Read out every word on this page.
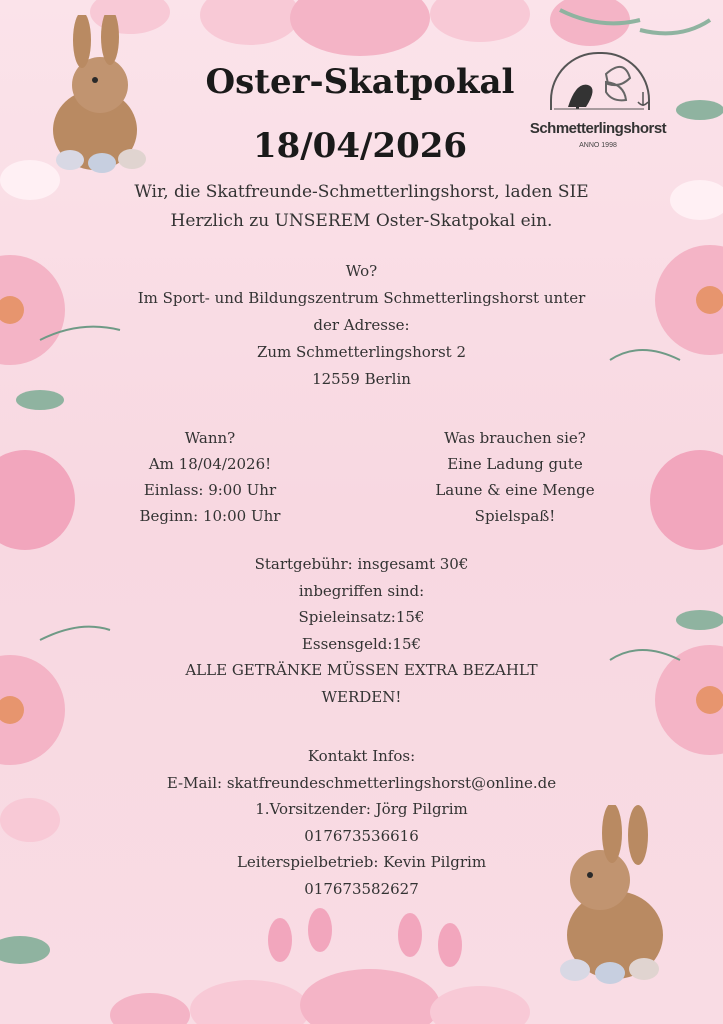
Schmetterlingshorst
ANNO 1998
Oster-Skatpokal
18/04/2026
Wir, die Skatfreunde-Schmetterlingshorst, laden SIE
Herzlich zu UNSEREM Oster-Skatpokal ein.
Wo?
Im Sport- und Bildungszentrum Schmetterlingshorst unter
der Adresse:
Zum Schmetterlingshorst 2
12559 Berlin
Wann?
Am 18/04/2026!
Einlass: 9:00 Uhr
Beginn: 10:00 Uhr
Was brauchen sie?
Eine Ladung gute
Laune & eine Menge
Spielspaß!
Startgebühr: insgesamt 30€
inbegriffen sind:
Spieleinsatz:15€
Essensgeld:15€
ALLE GETRÄNKE MÜSSEN EXTRA BEZAHLT
WERDEN!
Kontakt Infos:
E-Mail: skatfreundeschmetterlingshorst@online.de
1.Vorsitzender: Jörg Pilgrim
017673536616
Leiterspielbetrieb: Kevin Pilgrim
017673582627
